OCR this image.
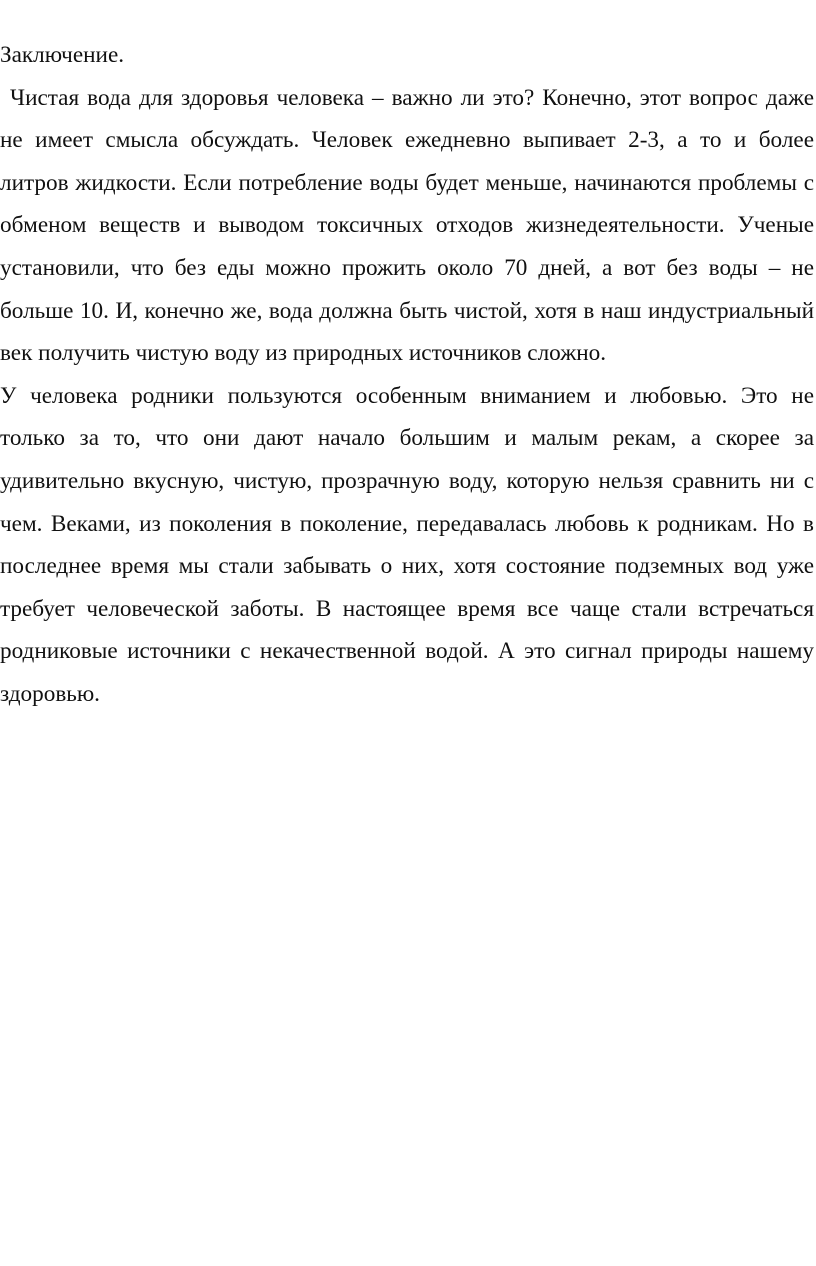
Заключение.

Чистая вода для здоровья человека – важно ли это? Конечно, этот вопрос даже не имеет смысла обсуждать. Человек ежедневно выпивает 2-3, а то и более литров жидкости. Если потребление воды будет меньше, начинаются проблемы с обменом веществ и выводом токсичных отходов жизнедеятельности. Ученые установили, что без еды можно прожить около 70 дней, а вот без воды – не больше 10. И, конечно же, вода должна быть чистой, хотя в наш индустриальный век получить чистую воду из природных источников сложно.

У человека родники пользуются особенным вниманием и любовью. Это не только за то, что они дают начало большим и малым рекам, а скорее за удивительно вкусную, чистую, прозрачную воду, которую нельзя сравнить ни с чем. Веками, из поколения в поколение, передавалась любовь к родникам. Но в последнее время мы стали забывать о них, хотя состояние подземных вод уже требует человеческой заботы. В настоящее время все чаще стали встречаться родниковые источники с некачественной водой. А это сигнал природы нашему здоровью.
